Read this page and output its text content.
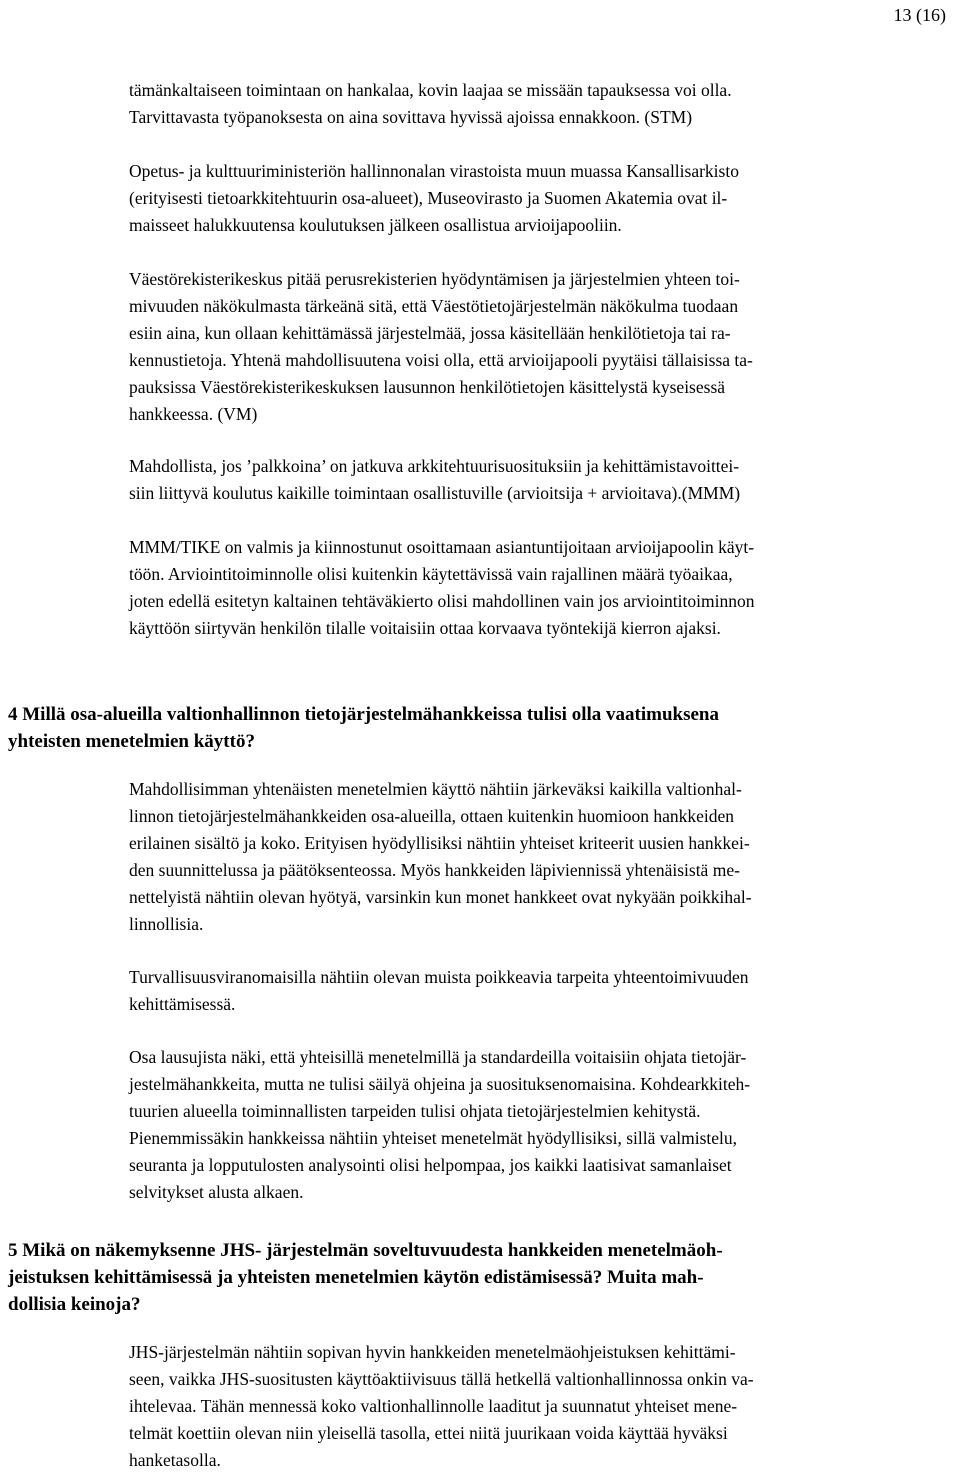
13 (16)

tämänkaltaiseen toimintaan on hankalaa, kovin laajaa se missään tapauksessa voi olla.
Tarvittavasta työpanoksesta on aina sovittava hyvissä ajoissa ennakkoon. (STM)

Opetus- ja kulttuuriministeriön hallinnonalan virastoista muun muassa Kansallisarkisto
(erityisesti tietoarkkitehtuurin osa-alueet), Museovirasto ja Suomen Akatemia ovat il-
maisseet halukkuutensa koulutuksen jälkeen osallistua arvioijapooliin.

Väestörekisterikeskus pitää perusrekisterien hyödyntämisen ja järjestelmien yhteen toi-
mivuuden näkökulmasta tärkeänä sitä, että Väestötietojärjestelmän näkökulma tuodaan
esiin aina, kun ollaan kehittämässä järjestelmää, jossa käsitellään henkilötietoja tai ra-
kennustietoja. Yhtenä mahdollisuutena voisi olla, että arvioijapooli pyytäisi tällaisissa ta-
pauksissa Väestörekisterikeskuksen lausunnon henkilötietojen käsittelystä kyseisessä
hankkeessa. (VM)

Mahdollista, jos ’palkkoina’ on jatkuva arkkitehtuurisuosituksiin ja kehittämistavoittei-
siin liittyvä koulutus kaikille toimintaan osallistuville (arvioitsija + arvioitava).(MMM)

MMM/TIKE on valmis ja kiinnostunut osoittamaan asiantuntijoitaan arvioijapoolin käyt-
töön. Arviointitoiminnolle olisi kuitenkin käytettävissä vain rajallinen määrä työaikaa,
joten edellä esitetyn kaltainen tehtäväkierto olisi mahdollinen vain jos arviointitoiminnon
käyttöön siirtyvän henkilön tilalle voitaisiin ottaa korvaava työntekijä kierron ajaksi.

4 Millä osa-alueilla valtionhallinnon tietojärjestelmähankkeissa tulisi olla vaatimuksena
yhteisten menetelmien käyttö?

Mahdollisimman yhtenäisten menetelmien käyttö nähtiin järkeväksi kaikilla valtionhal-
linnon tietojärjestelmähankkeiden osa-alueilla, ottaen kuitenkin huomioon hankkeiden
erilainen sisältö ja koko. Erityisen hyödyllisiksi nähtiin yhteiset kriteerit uusien hankkei-
den suunnittelussa ja päätöksenteossa. Myös hankkeiden läpiviennissä yhtenäisistä me-
nettelyistä nähtiin olevan hyötyä, varsinkin kun monet hankkeet ovat nykyään poikkihal-
linnollisia.

Turvallisuusviranomaisilla nähtiin olevan muista poikkeavia tarpeita yhteentoimivuuden
kehittämisessä.

Osa lausujista näki, että yhteisillä menetelmillä ja standardeilla voitaisiin ohjata tietojär-
jestelmähankkeita, mutta ne tulisi säilyä ohjeina ja suosituksenomaisina. Kohdearkkiteh-
tuurien alueella toiminnallisten tarpeiden tulisi ohjata tietojärjestelmien kehitystä.
Pienemmissäkin hankkeissa nähtiin yhteiset menetelmät hyödyllisiksi, sillä valmistelu,
seuranta ja lopputulosten analysointi olisi helpompaa, jos kaikki laatisivat samanlaiset
selvitykset alusta alkaen.

5 Mikä on näkemyksenne JHS- järjestelmän soveltuvuudesta hankkeiden menetelmäoh-
jeistuksen kehittämisessä ja yhteisten menetelmien käytön edistämisessä? Muita mah-
dollisia keinoja?

JHS-järjestelmän nähtiin sopivan hyvin hankkeiden menetelmäohjeistuksen kehittämi-
seen, vaikka JHS-suositusten käyttöaktiivisuus tällä hetkellä valtionhallinnossa onkin va-
ihtelevaa. Tähän mennessä koko valtionhallinnolle laaditut ja suunnatut yhteiset mene-
telmät koettiin olevan niin yleisellä tasolla, ettei niitä juurikaan voida käyttää hyväksi
hanketasolla.
